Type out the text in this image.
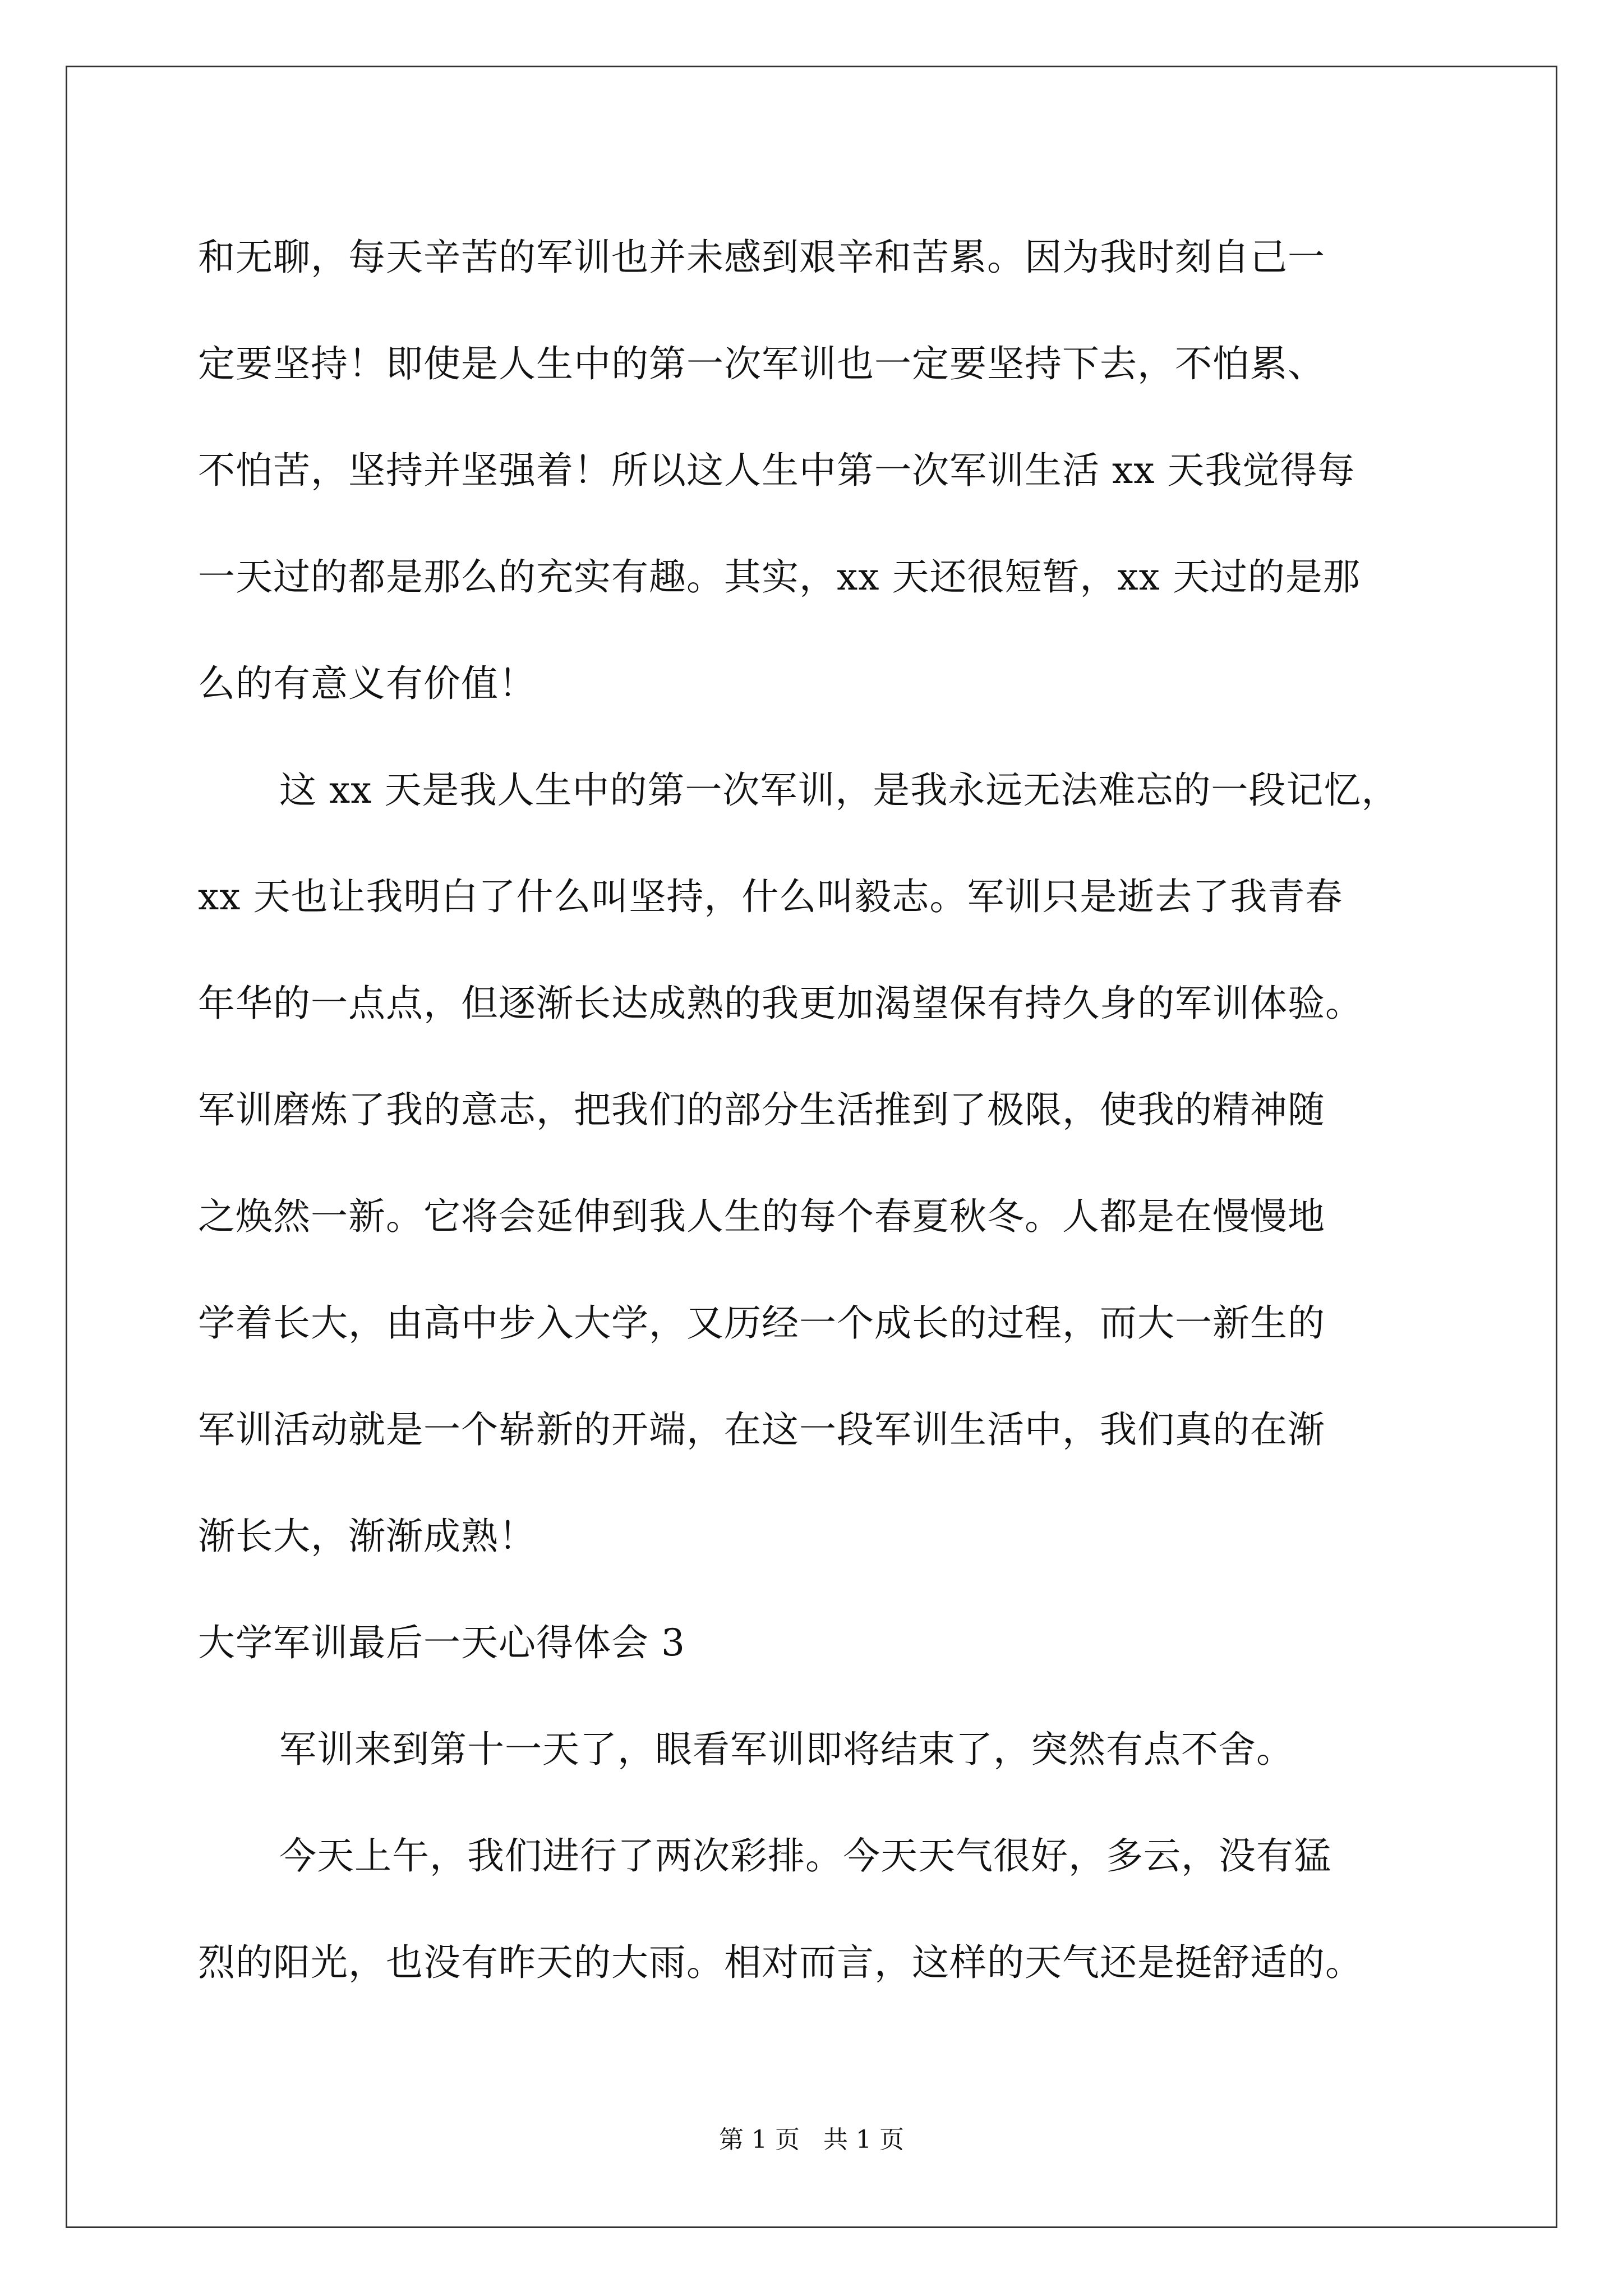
和无聊，每天辛苦的军训也并未感到艰辛和苦累。因为我时刻自己一
定要坚持！即使是人生中的第一次军训也一定要坚持下去，不怕累、
不怕苦，坚持并坚强着！所以这人生中第一次军训生活 xx 天我觉得每
一天过的都是那么的充实有趣。其实，xx 天还很短暂，xx 天过的是那
么的有意义有价值！
这 xx 天是我人生中的第一次军训，是我永远无法难忘的一段记忆，
xx 天也让我明白了什么叫坚持，什么叫毅志。军训只是逝去了我青春
年华的一点点，但逐渐长达成熟的我更加渴望保有持久身的军训体验。
军训磨炼了我的意志，把我们的部分生活推到了极限，使我的精神随
之焕然一新。它将会延伸到我人生的每个春夏秋冬。人都是在慢慢地
学着长大，由高中步入大学，又历经一个成长的过程，而大一新生的
军训活动就是一个崭新的开端，在这一段军训生活中，我们真的在渐
渐长大，渐渐成熟！
大学军训最后一天心得体会 3
军训来到第十一天了，眼看军训即将结束了，突然有点不舍。
今天上午，我们进行了两次彩排。今天天气很好，多云，没有猛
烈的阳光，也没有昨天的大雨。相对而言，这样的天气还是挺舒适的。
第 1 页 共 1 页
